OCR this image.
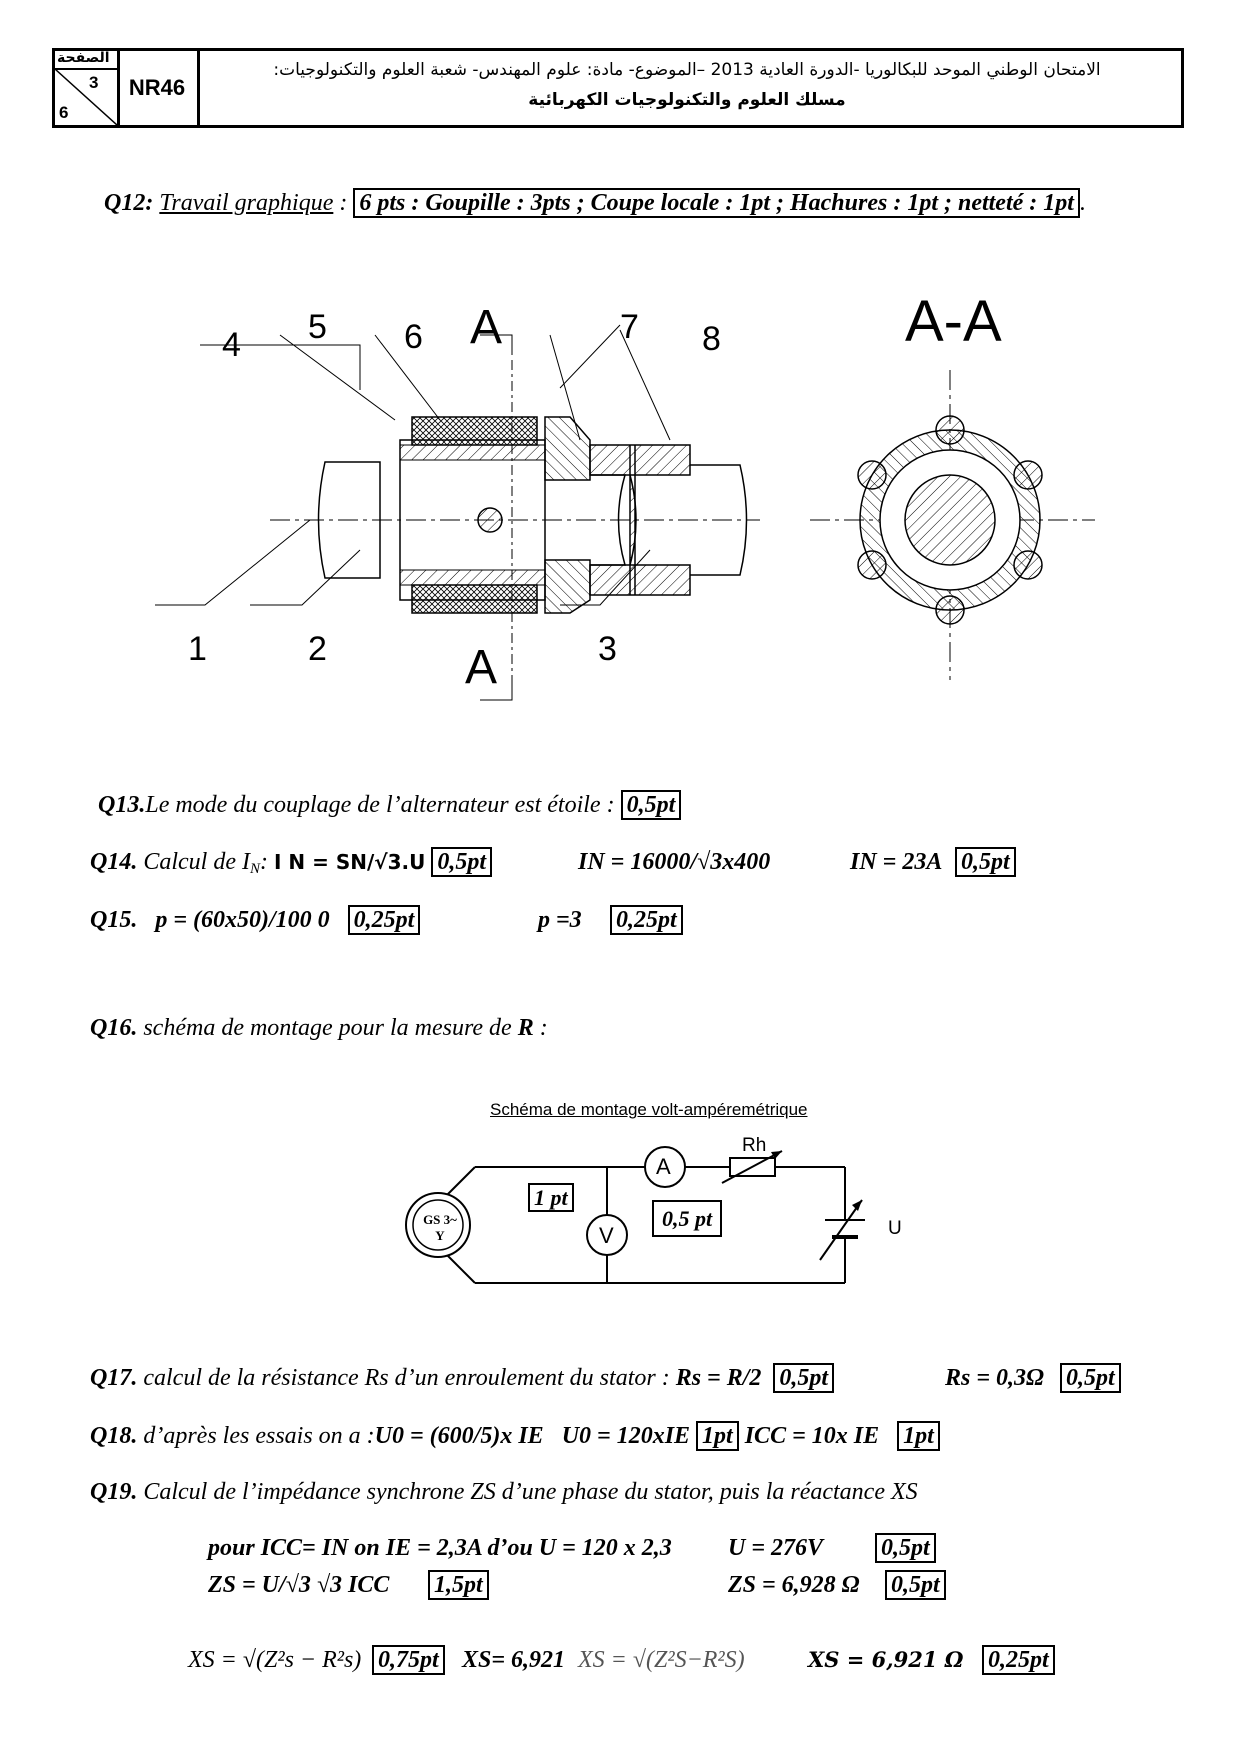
الصفحة
3
6
NR46
الامتحان الوطني الموحد للبكالوريا -الدورة العادية 2013 –الموضوع- مادة: علوم المهندس- شعبة العلوم والتكنولوجيات:
مسلك العلوم والتكنولوجيات الكهربائية
Q12: Travail graphique : 6 pts : Goupille : 3pts ; Coupe locale : 1pt ; Hachures : 1pt ; netteté : 1pt .
5
4	6 A	7 8	A-A
1	2	A	3
Q13.Le mode du couplage de l’alternateur est étoile : 0,5pt
Q14. Calcul de $I_N$: I N = SN/√3.U 0,5pt	IN = 16000/√3x400	IN = 23A 0,5pt
Q15. p = (60x50)/100 0 0,25pt	p =3 0,25pt
Q16. schéma de montage pour la mesure de R :
Schéma de montage volt-ampéremétrique
A
V
Rh
U
GS 3~
Y
1 pt
0,5 pt
Q17. calcul de la résistance Rs d’un enroulement du stator : Rs = R/2 0,5pt	Rs = 0,3Ω 0,5pt
Q18. d’après les essais on a :U0 = (600/5)x IE U0 = 120xIE 1pt ICC = 10x IE 1pt
Q19. Calcul de l’impédance synchrone ZS d’une phase du stator, puis la réactance XS
pour ICC= IN on IE = 2,3A d’ou U = 120 x 2,3 U = 276V 0,5pt
ZS = U/√3 √3 ICC 1,5pt	ZS = 6,928 Ω 0,5pt
XS = √(Z²s − R²s) 0,75pt XS= 6,921 XS = √(Z²S−R²S)	XS = 6,921 Ω 0,25pt
